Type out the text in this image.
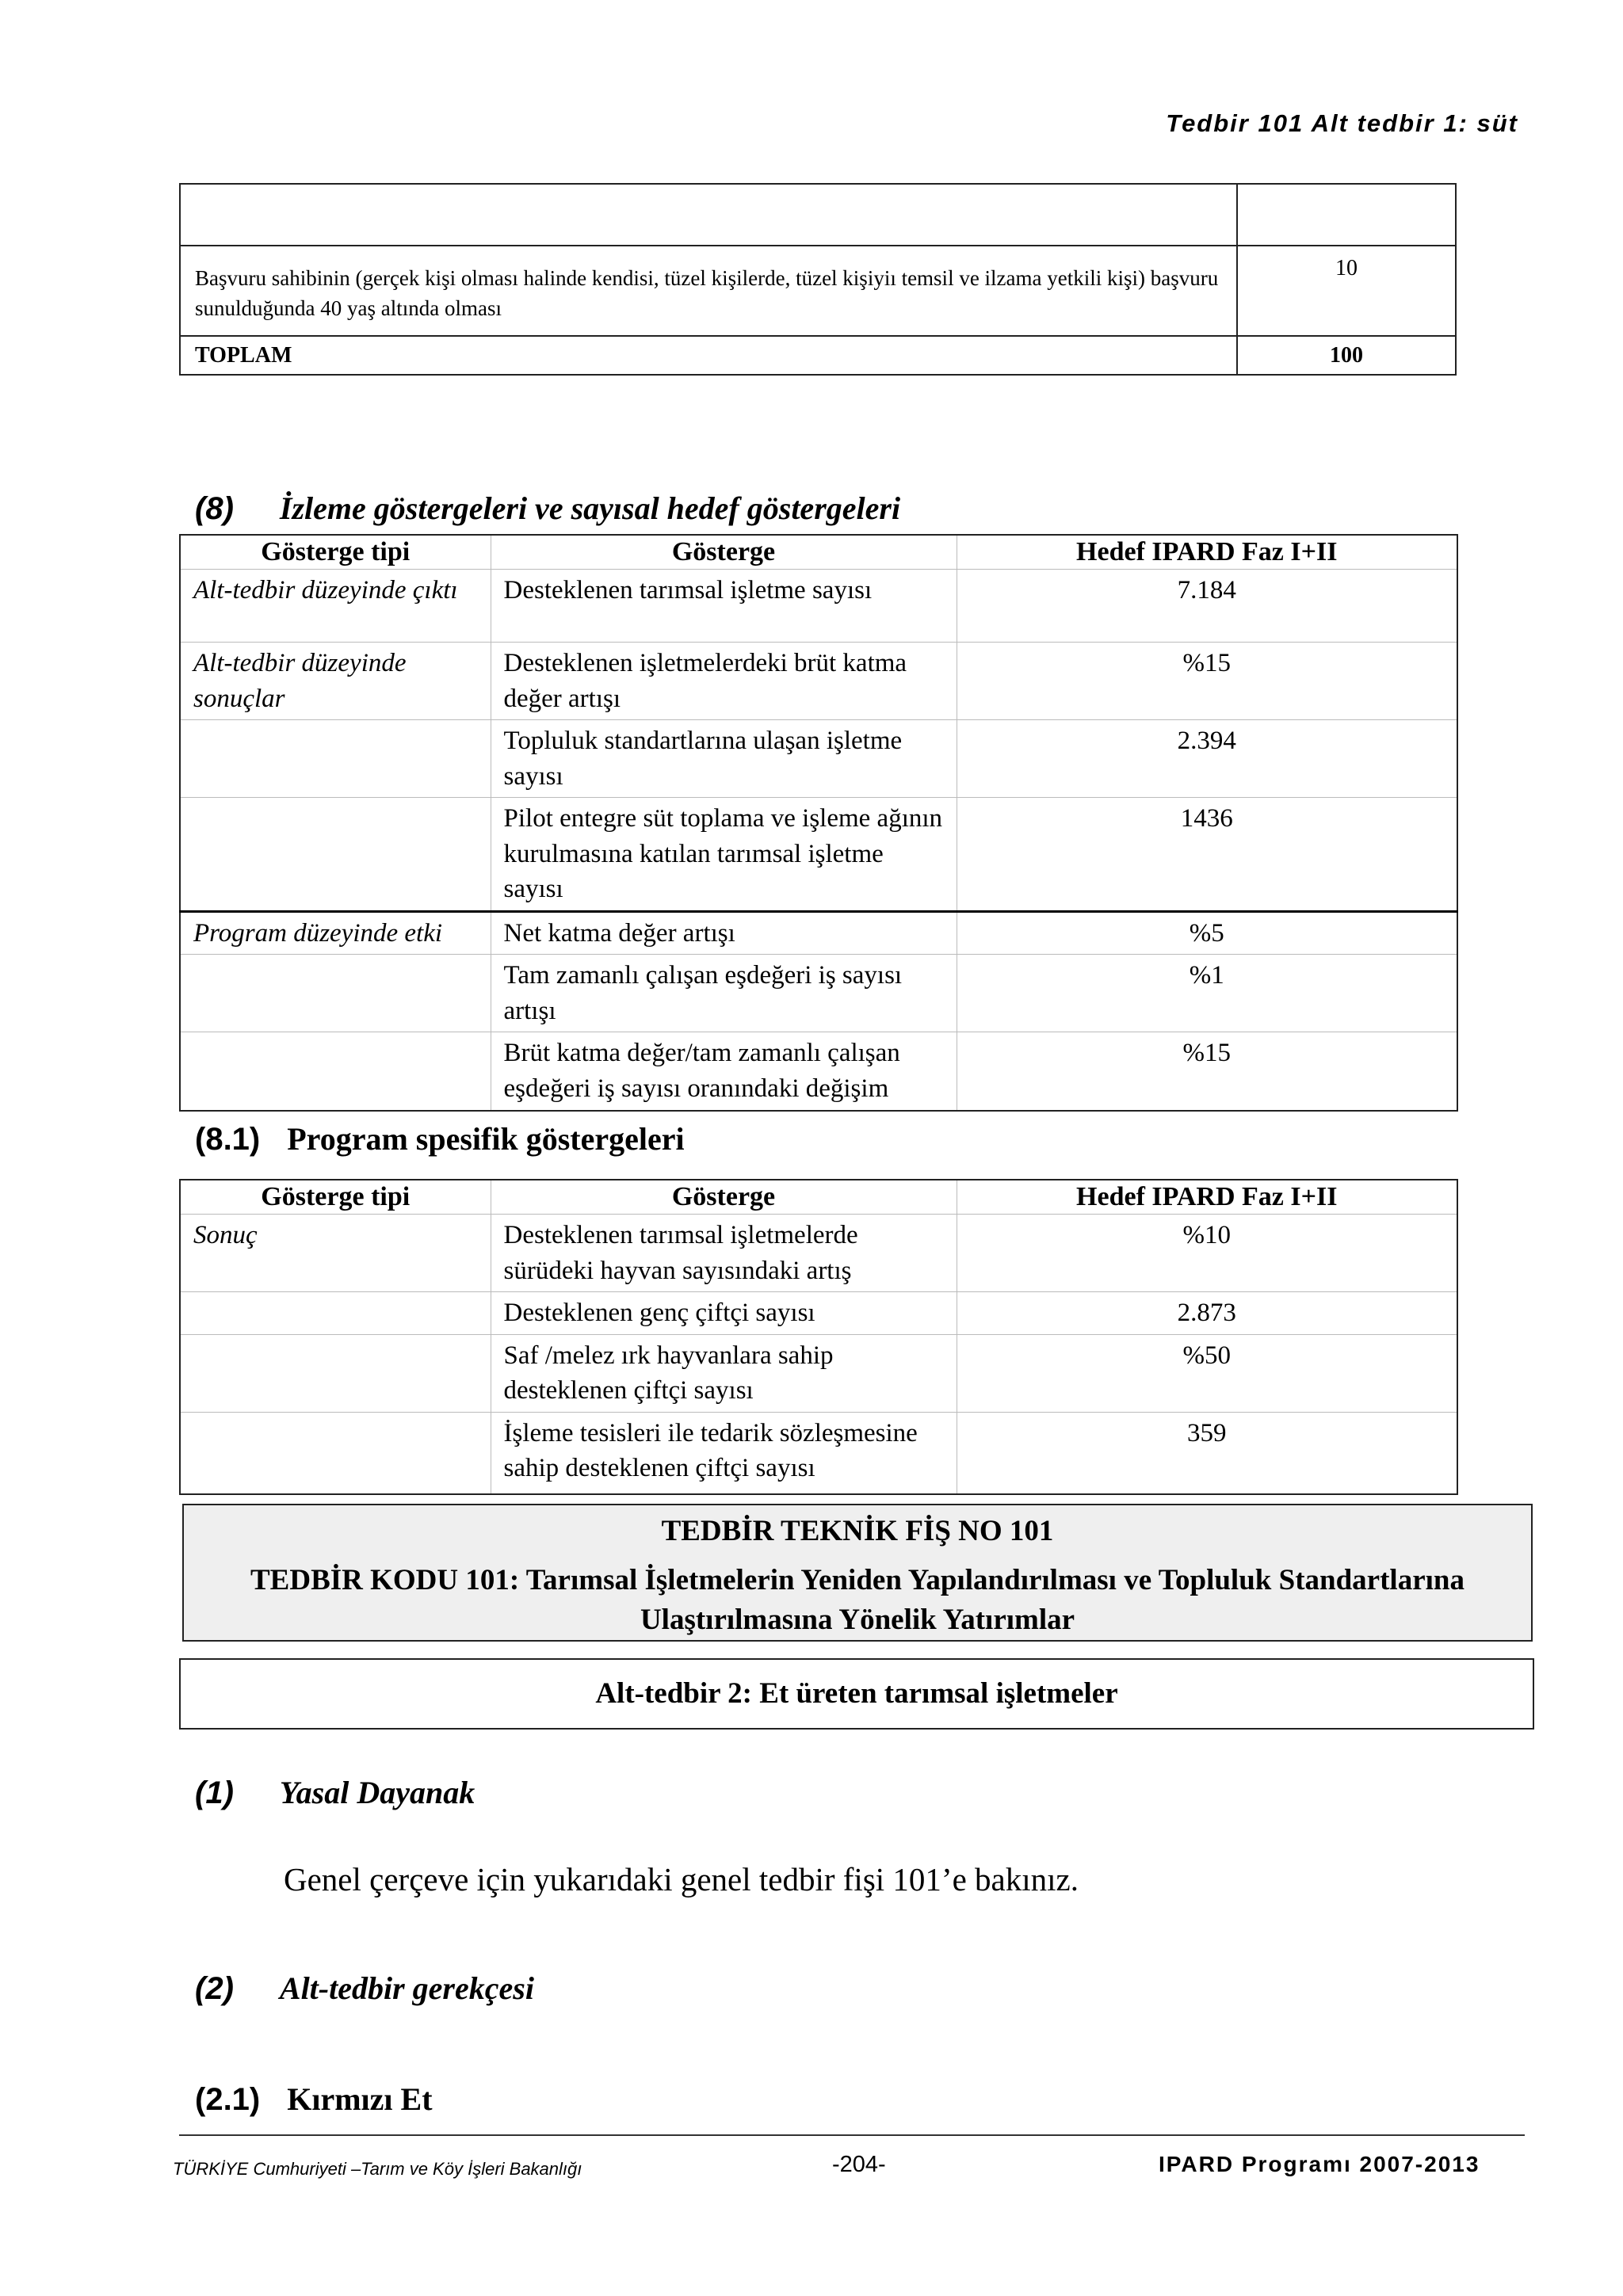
Tedbir 101 Alt tedbir 1: süt

Başvuru sahibinin (gerçek kişi olması halinde kendisi, tüzel kişilerde, tüzel kişiyiı temsil ve ilzama yetkili kişi) başvuru sunulduğunda 40 yaş altında olması	10
TOPLAM	100
(8) İzleme göstergeleri ve sayısal hedef göstergeleri
Gösterge tipi	Gösterge	Hedef IPARD Faz I+II
Alt-tedbir düzeyinde çıktı	Desteklenen tarımsal işletme sayısı	7.184
Alt-tedbir düzeyinde sonuçlar	Desteklenen işletmelerdeki brüt katma değer artışı	%15
	Topluluk standartlarına ulaşan işletme sayısı	2.394
	Pilot entegre süt toplama ve işleme ağının kurulmasına katılan tarımsal işletme sayısı	1436
Program düzeyinde etki	Net katma değer artışı	%5
	Tam zamanlı çalışan eşdeğeri iş sayısı artışı	%1
	Brüt katma değer/tam zamanlı çalışan eşdeğeri iş sayısı oranındaki değişim	%15
(8.1) Program spesifik göstergeleri
Gösterge tipi	Gösterge	Hedef IPARD Faz I+II
Sonuç	Desteklenen tarımsal işletmelerde sürüdeki hayvan sayısındaki artış	%10
	Desteklenen genç çiftçi sayısı	2.873
	Saf /melez ırk hayvanlara sahip desteklenen çiftçi sayısı	%50
	İşleme tesisleri ile tedarik sözleşmesine sahip desteklenen çiftçi sayısı	359
TEDBİR TEKNİK FİŞ NO 101
TEDBİR KODU 101: Tarımsal İşletmelerin Yeniden Yapılandırılması ve Topluluk Standartlarına Ulaştırılmasına Yönelik Yatırımlar
Alt-tedbir 2: Et üreten tarımsal işletmeler
(1) Yasal Dayanak
Genel çerçeve için yukarıdaki genel tedbir fişi 101’e bakınız.
(2) Alt-tedbir gerekçesi
(2.1) Kırmızı Et
TÜRKİYE Cumhuriyeti –Tarım ve Köy İşleri Bakanlığı	-204-	IPARD Programı 2007-2013
